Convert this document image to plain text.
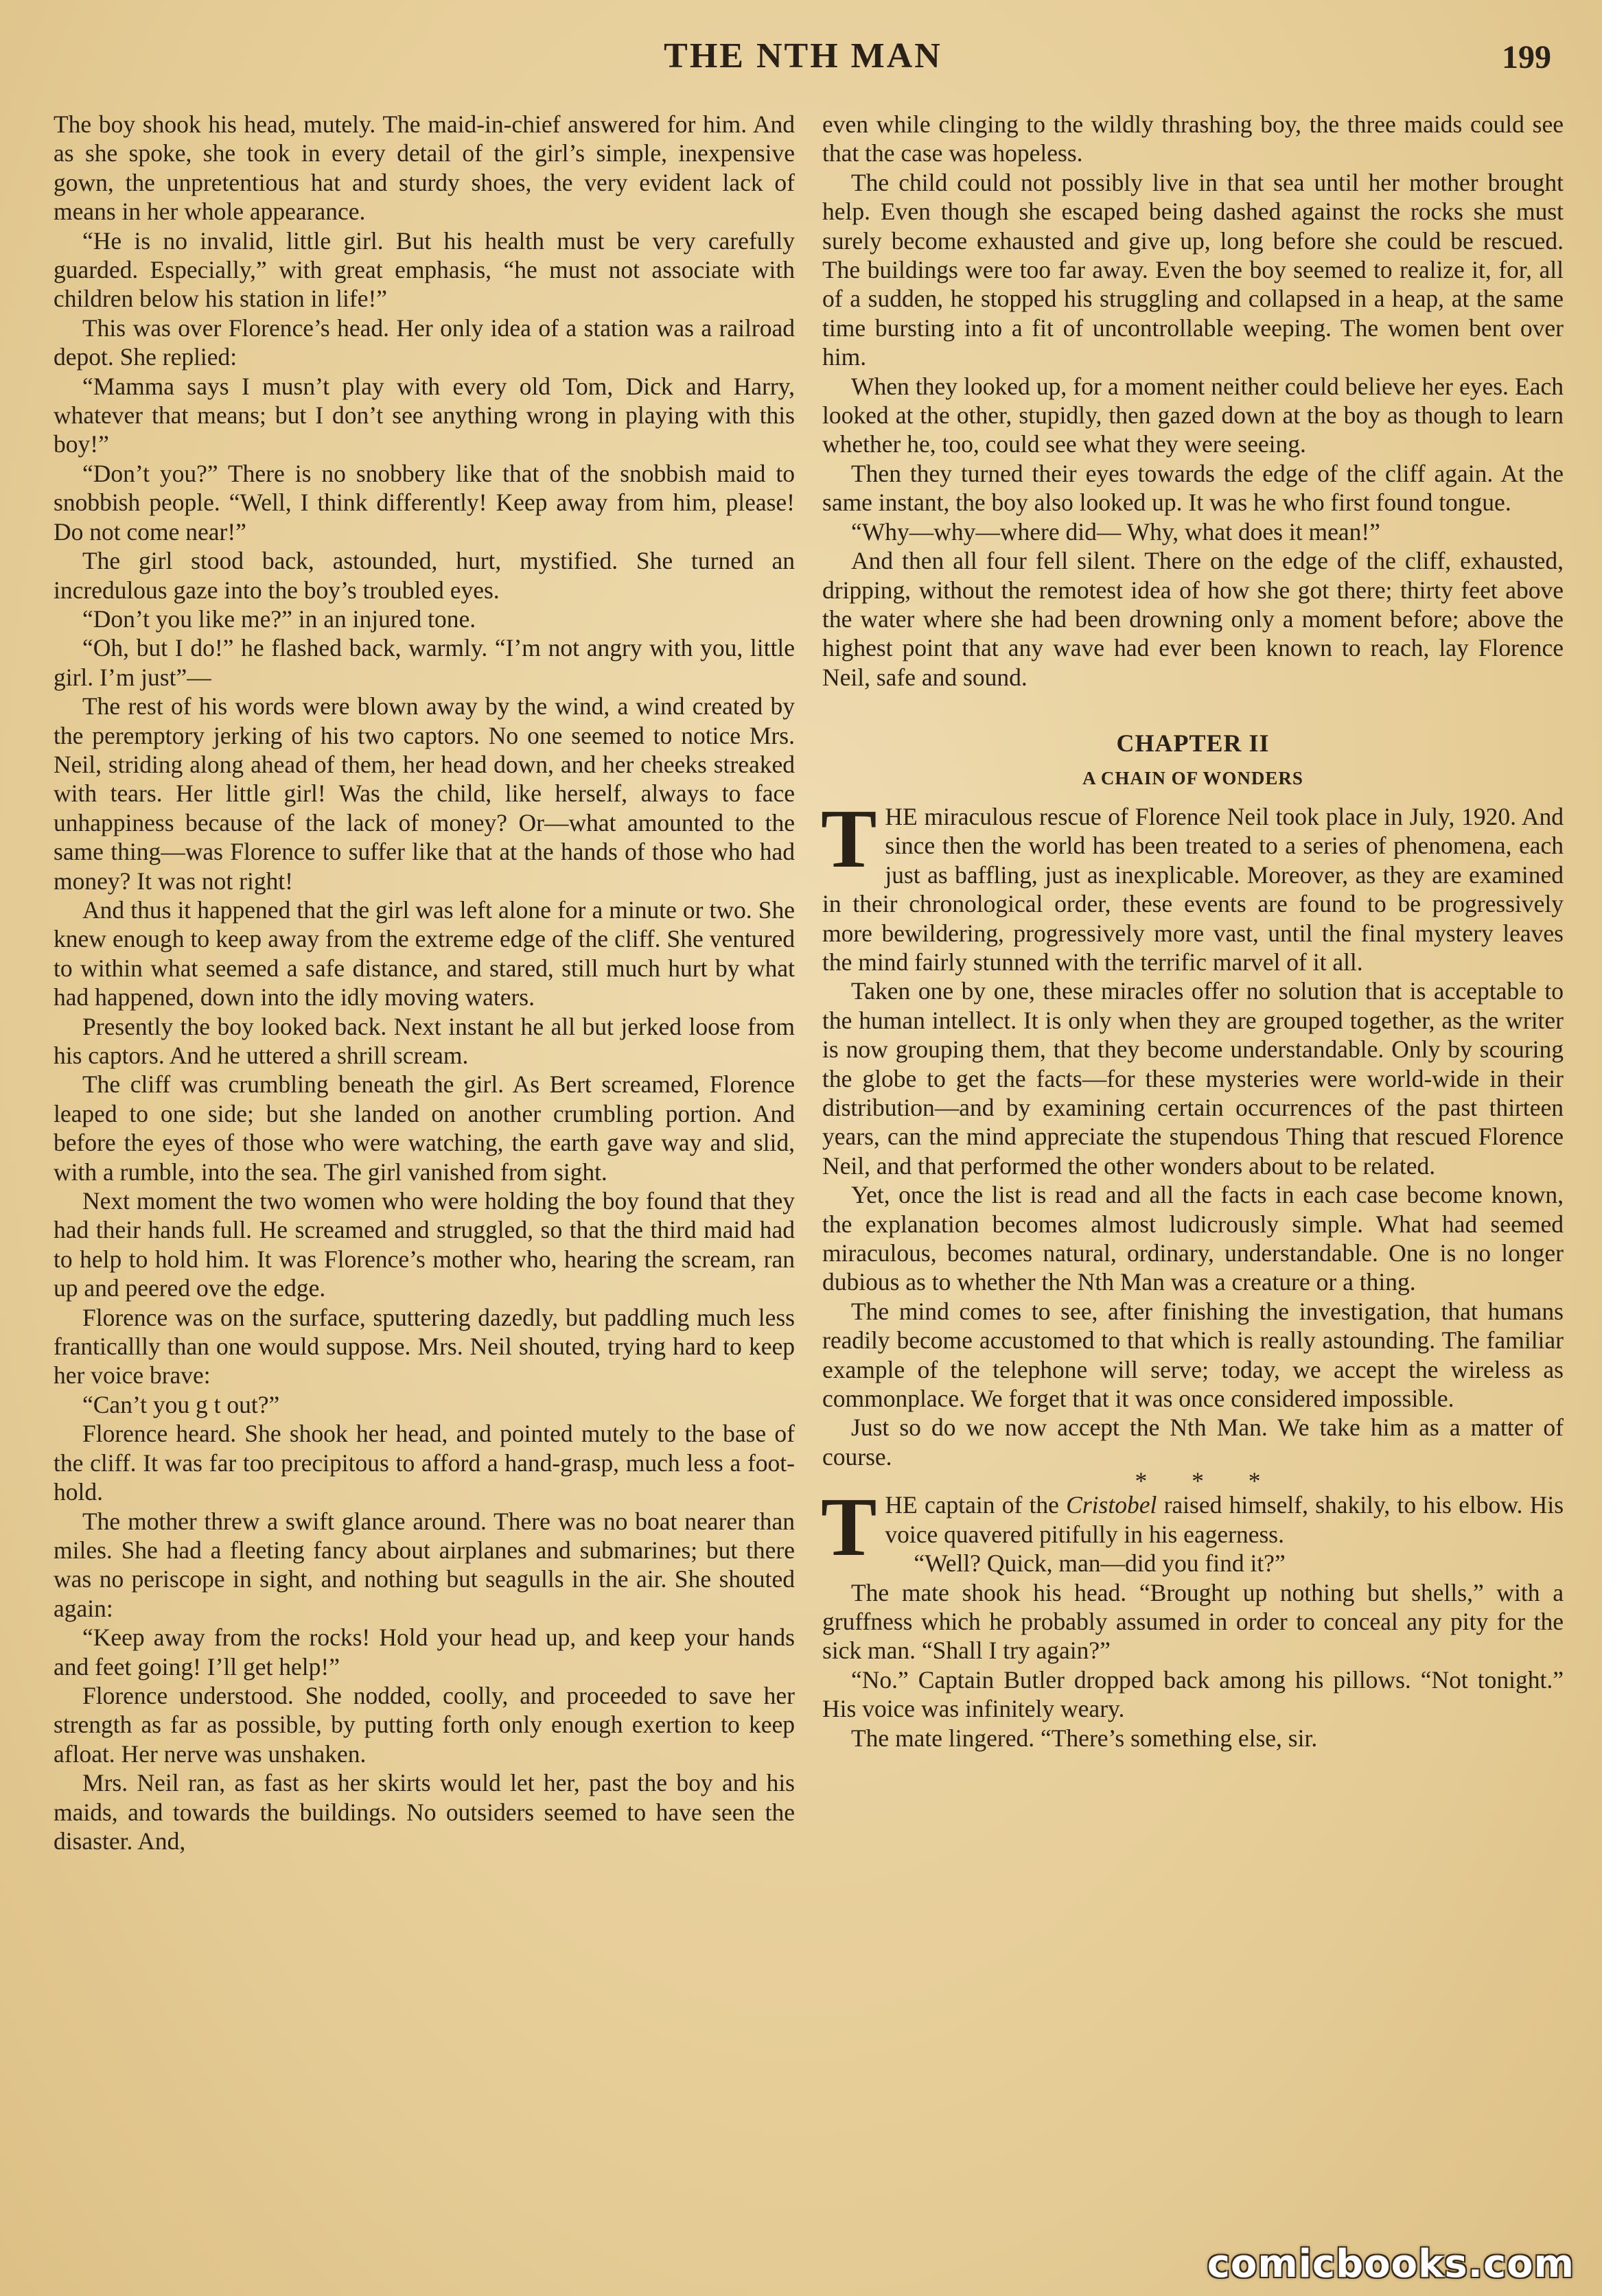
THE NTH MAN	199

The boy shook his head, mutely. The maid-in-chief answered for him. And as she spoke, she took in every detail of the girl’s simple, inexpensive gown, the unpretentious hat and sturdy shoes, the very evident lack of means in her whole appearance.

“He is no invalid, little girl. But his health must be very carefully guarded. Especially,” with great emphasis, “he must not associate with children below his station in life!”

This was over Florence’s head. Her only idea of a station was a railroad depot. She replied:

“Mamma says I musn’t play with every old Tom, Dick and Harry, whatever that means; but I don’t see anything wrong in playing with this boy!”

“Don’t you?” There is no snobbery like that of the snobbish maid to snobbish people. “Well, I think differently! Keep away from him, please! Do not come near!”

The girl stood back, astounded, hurt, mystified. She turned an incredulous gaze into the boy’s troubled eyes.

“Don’t you like me?” in an injured tone.

“Oh, but I do!” he flashed back, warmly. “I’m not angry with you, little girl. I’m just”—

The rest of his words were blown away by the wind, a wind created by the peremptory jerking of his two captors. No one seemed to notice Mrs. Neil, striding along ahead of them, her head down, and her cheeks streaked with tears. Her little girl! Was the child, like herself, always to face unhappiness because of the lack of money? Or—what amounted to the same thing—was Florence to suffer like that at the hands of those who had money? It was not right!

And thus it happened that the girl was left alone for a minute or two. She knew enough to keep away from the extreme edge of the cliff. She ventured to within what seemed a safe distance, and stared, still much hurt by what had happened, down into the idly moving waters.

Presently the boy looked back. Next instant he all but jerked loose from his captors. And he uttered a shrill scream.

The cliff was crumbling beneath the girl. As Bert screamed, Florence leaped to one side; but she landed on another crumbling portion. And before the eyes of those who were watching, the earth gave way and slid, with a rumble, into the sea. The girl vanished from sight.

Next moment the two women who were holding the boy found that they had their hands full. He screamed and struggled, so that the third maid had to help to hold him. It was Florence’s mother who, hearing the scream, ran up and peered ove the edge.

Florence was on the surface, sputtering dazedly, but paddling much less franticallly than one would suppose. Mrs. Neil shouted, trying hard to keep her voice brave:

“Can’t you g t out?”

Florence heard. She shook her head, and pointed mutely to the base of the cliff. It was far too precipitous to afford a hand-grasp, much less a foot-hold.

The mother threw a swift glance around. There was no boat nearer than miles. She had a fleeting fancy about airplanes and submarines; but there was no periscope in sight, and nothing but seagulls in the air. She shouted again:

“Keep away from the rocks! Hold your head up, and keep your hands and feet going! I’ll get help!”

Florence understood. She nodded, coolly, and proceeded to save her strength as far as possible, by putting forth only enough exertion to keep afloat. Her nerve was unshaken.

Mrs. Neil ran, as fast as her skirts would let her, past the boy and his maids, and towards the buildings. No outsiders seemed to have seen the disaster. And,

even while clinging to the wildly thrashing boy, the three maids could see that the case was hopeless.

The child could not possibly live in that sea until her mother brought help. Even though she escaped being dashed against the rocks she must surely become exhausted and give up, long before she could be rescued. The buildings were too far away. Even the boy seemed to realize it, for, all of a sudden, he stopped his struggling and collapsed in a heap, at the same time bursting into a fit of uncontrollable weeping. The women bent over him.

When they looked up, for a moment neither could believe her eyes. Each looked at the other, stupidly, then gazed down at the boy as though to learn whether he, too, could see what they were seeing.

Then they turned their eyes towards the edge of the cliff again. At the same instant, the boy also looked up. It was he who first found tongue.

“Why—why—where did— Why, what does it mean!”

And then all four fell silent. There on the edge of the cliff, exhausted, dripping, without the remotest idea of how she got there; thirty feet above the water where she had been drowning only a moment before; above the highest point that any wave had ever been known to reach, lay Florence Neil, safe and sound.

CHAPTER II
A CHAIN OF WONDERS

THE miraculous rescue of Florence Neil took place in July, 1920. And since then the world has been treated to a series of phenomena, each just as baffling, just as inexplicable. Moreover, as they are examined in their chronological order, these events are found to be progressively more bewildering, progressively more vast, until the final mystery leaves the mind fairly stunned with the terrific marvel of it all.

Taken one by one, these miracles offer no solution that is acceptable to the human intellect. It is only when they are grouped together, as the writer is now grouping them, that they become understandable. Only by scouring the globe to get the facts—for these mysteries were world-wide in their distribution—and by examining certain occurrences of the past thirteen years, can the mind appreciate the stupendous Thing that rescued Florence Neil, and that performed the other wonders about to be related.

Yet, once the list is read and all the facts in each case become known, the explanation becomes almost ludicrously simple. What had seemed miraculous, becomes natural, ordinary, understandable. One is no longer dubious as to whether the Nth Man was a creature or a thing.

The mind comes to see, after finishing the investigation, that humans readily become accustomed to that which is really astounding. The familiar example of the telephone will serve; today, we accept the wireless as commonplace. We forget that it was once considered impossible.

Just so do we now accept the Nth Man. We take him as a matter of course.

* * *

THE captain of the Cristobel raised himself, shakily, to his elbow. His voice quavered pitifully in his eagerness.

“Well? Quick, man—did you find it?”

The mate shook his head. “Brought up nothing but shells,” with a gruffness which he probably assumed in order to conceal any pity for the sick man. “Shall I try again?”

“No.” Captain Butler dropped back among his pillows. “Not tonight.” His voice was infinitely weary.

The mate lingered. “There’s something else, sir.

comicbooks.com
